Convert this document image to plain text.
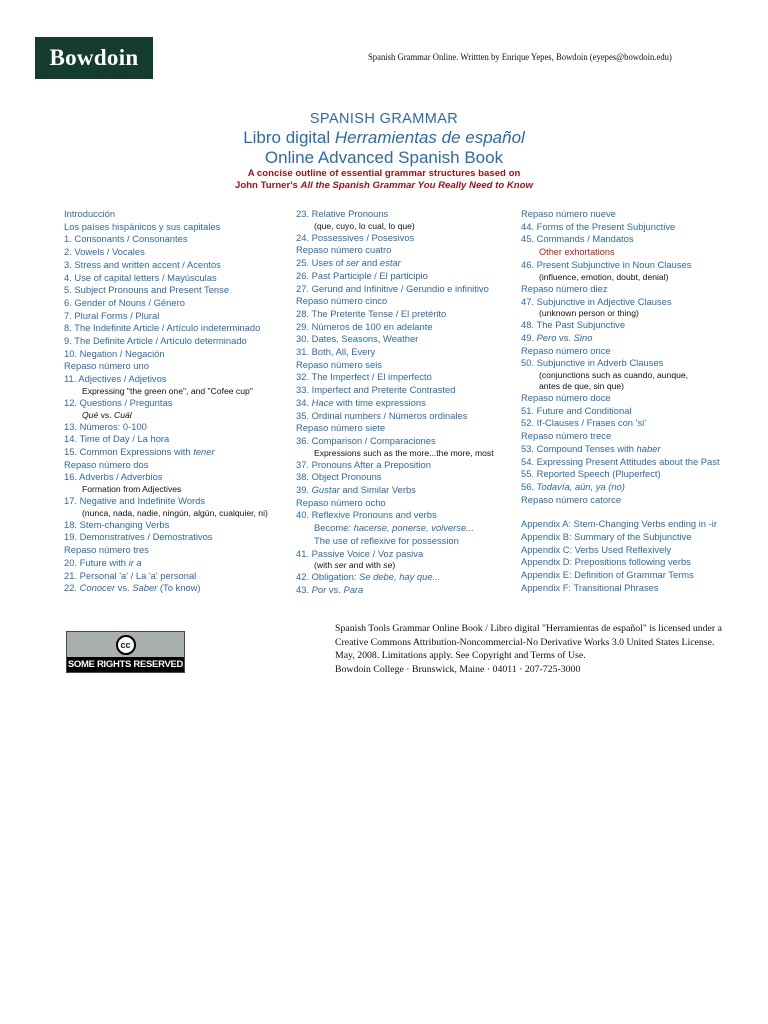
Bowdoin	Spanish Grammar Online. Writtten by Enrique Yepes, Bowdoin (eyepes@bowdoin.edu)
SPANISH GRAMMAR
Libro digital Herramientas de español
Online Advanced Spanish Book
A concise outline of essential grammar structures based on
John Turner's All the Spanish Grammar You Really Need to Know
Introducción
Los países hispánicos y sus capitales
1. Consonants / Consonantes
2. Vowels / Vocales
3. Stress and written accent / Acentos
4. Use of capital letters / Mayúsculas
5. Subject Pronouns and Present Tense
6. Gender of Nouns / Género
7. Plural Forms / Plural
8. The Indefinite Article / Artículo indeterminado
9. The Definite Article / Artículo determinado
10. Negation / Negación
Repaso número uno
11. Adjectives / Adjetivos
Expressing "the green one", and "Cofee cup"
12. Questions / Preguntas
Qué vs. Cuál
13. Números: 0-100
14. Time of Day / La hora
15. Common Expressions with tener
Repaso número dos
16. Adverbs / Adverbios
Formation from Adjectives
17. Negative and Indefinite Words
(nunca, nada, nadie, ningún, algún, cualquier, ni)
18. Stem-changing Verbs
19. Demonstratives / Demostrativos
Repaso número tres
20. Future with ir a
21. Personal 'a' / La 'a' personal
22. Conocer vs. Saber (To know)
23. Relative Pronouns
(que, cuyo, lo cual, lo que)
24. Possessives / Posesivos
Repaso número cuatro
25. Uses of ser and estar
26. Past Participle / El participio
27. Gerund and Infinitive / Gerundio e infinitivo
Repaso número cinco
28. The Preterite Tense / El pretérito
29. Números de 100 en adelante
30. Dates, Seasons, Weather
31. Both, All, Every
Repaso número seis
32. The Imperfect / El imperfecto
33. Imperfect and Preterite Contrasted
34. Hace with time expressions
35. Ordinal numbers / Números ordinales
Repaso número siete
36. Comparison / Comparaciones
Expressions such as the more...the more, most
37. Pronouns After a Preposition
38. Object Pronouns
39. Gustar and Similar Verbs
Repaso número ocho
40. Reflexive Pronouns and verbs
Become: hacerse, ponerse, volverse...
The use of reflexive for possession
41. Passive Voice / Voz pasiva
(with ser and with se)
42. Obligation: Se debe, hay que...
43. Por vs. Para
Repaso número nueve
44. Forms of the Present Subjunctive
45. Commands / Mandatos
Other exhortations
46. Present Subjunctive in Noun Clauses
(influence, emotion, doubt, denial)
Repaso número diez
47. Subjunctive in Adjective Clauses
(unknown person or thing)
48. The Past Subjunctive
49. Pero vs. Sino
Repaso número once
50. Subjunctive in Adverb Clauses
(conjunctions such as cuando, aunque,
antes de que, sin que)
Repaso número doce
51. Future and Conditional
52. If-Clauses / Frases con 'si'
Repaso número trece
53. Compound Tenses with haber
54. Expressing Present Attitudes about the Past
55. Reported Speech (Pluperfect)
56. Todavía, aún, ya (no)
Repaso número catorce
Appendix A: Stem-Changing Verbs ending in -ir
Appendix B: Summary of the Subjunctive
Appendix C: Verbs Used Reflexively
Appendix D: Prepositions following verbs
Appendix E: Definition of Grammar Terms
Appendix F: Transitional Phrases
cc
SOME RIGHTS RESERVED
Spanish Tools Grammar Online Book / Libro digital "Herramientas de español" is licensed under a
Creative Commons Attribution-Noncommercial-No Derivative Works 3.0 United States License.
May, 2008. Limitations apply. See Copyright and Terms of Use.
Bowdoin College · Brunswick, Maine · 04011 · 207-725-3000
